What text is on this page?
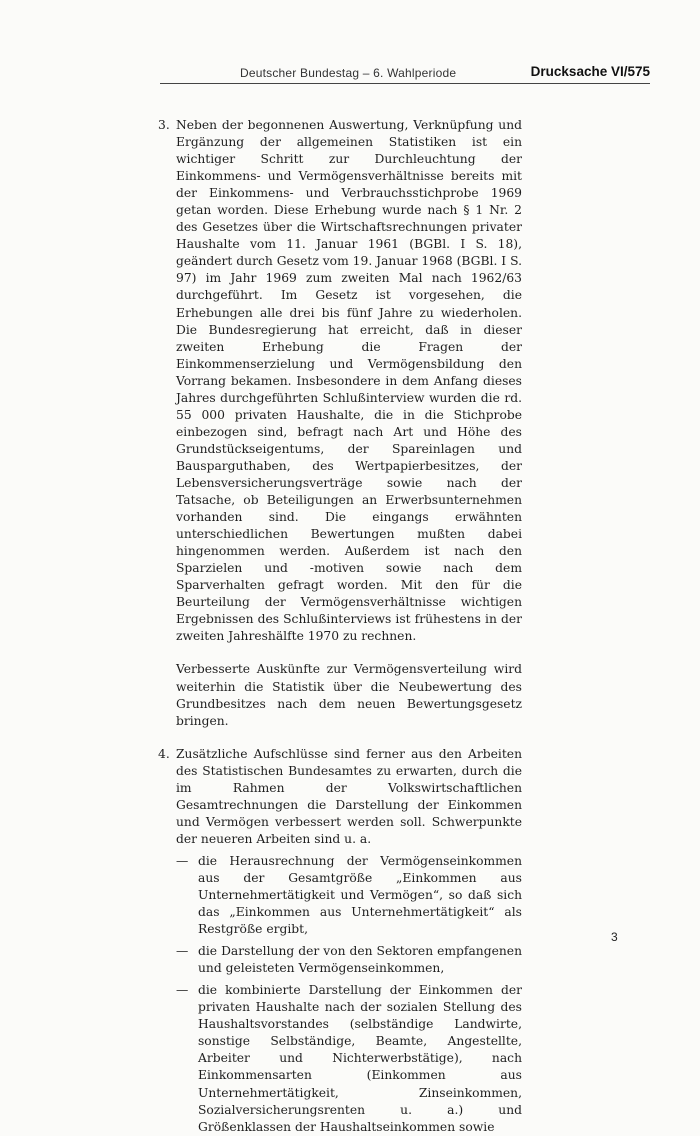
Deutscher Bundestag – 6. Wahlperiode	Drucksache VI/575
3. Neben der begonnenen Auswertung, Verknüpfung und Ergänzung der allgemeinen Statistiken ist ein wichtiger Schritt zur Durchleuchtung der Einkommens- und Vermögensverhältnisse bereits mit der Einkommens- und Verbrauchsstichprobe 1969 getan worden. Diese Erhebung wurde nach § 1 Nr. 2 des Gesetzes über die Wirtschaftsrechnungen privater Haushalte vom 11. Januar 1961 (BGBl. I S. 18), geändert durch Gesetz vom 19. Januar 1968 (BGBl. I S. 97) im Jahr 1969 zum zweiten Mal nach 1962/63 durchgeführt. Im Gesetz ist vorgesehen, die Erhebungen alle drei bis fünf Jahre zu wiederholen. Die Bundesregierung hat erreicht, daß in dieser zweiten Erhebung die Fragen der Einkommenserzielung und Vermögensbildung den Vorrang bekamen. Insbesondere in dem Anfang dieses Jahres durchgeführten Schlußinterview wurden die rd. 55 000 privaten Haushalte, die in die Stichprobe einbezogen sind, befragt nach Art und Höhe des Grundstückseigentums, der Spareinlagen und Bausparguthaben, des Wertpapierbesitzes, der Lebensversicherungsverträge sowie nach der Tatsache, ob Beteiligungen an Erwerbsunternehmen vorhanden sind. Die eingangs erwähnten unterschiedlichen Bewertungen mußten dabei hingenommen werden. Außerdem ist nach den Sparzielen und -motiven sowie nach dem Sparverhalten gefragt worden. Mit den für die Beurteilung der Vermögensverhältnisse wichtigen Ergebnissen des Schlußinterviews ist frühestens in der zweiten Jahreshälfte 1970 zu rechnen.
Verbesserte Auskünfte zur Vermögensverteilung wird weiterhin die Statistik über die Neubewertung des Grundbesitzes nach dem neuen Bewertungsgesetz bringen.
4. Zusätzliche Aufschlüsse sind ferner aus den Arbeiten des Statistischen Bundesamtes zu erwarten, durch die im Rahmen der Volkswirtschaftlichen Gesamtrechnungen die Darstellung der Einkommen und Vermögen verbessert werden soll. Schwerpunkte der neueren Arbeiten sind u. a.
— die Herausrechnung der Vermögenseinkommen aus der Gesamtgröße „Einkommen aus Unternehmertätigkeit und Vermögen“, so daß sich das „Einkommen aus Unternehmertätigkeit“ als Restgröße ergibt,
— die Darstellung der von den Sektoren empfangenen und geleisteten Vermögenseinkommen,
— die kombinierte Darstellung der Einkommen der privaten Haushalte nach der sozialen Stellung des Haushaltsvorstandes (selbständige Landwirte, sonstige Selbständige, Beamte, Angestellte, Arbeiter und Nichterwerbstätige), nach Einkommensarten (Einkommen aus Unternehmertätigkeit, Zinseinkommen, Sozialversicherungsrenten u. a.) und Größenklassen der Haushaltseinkommen sowie
3
